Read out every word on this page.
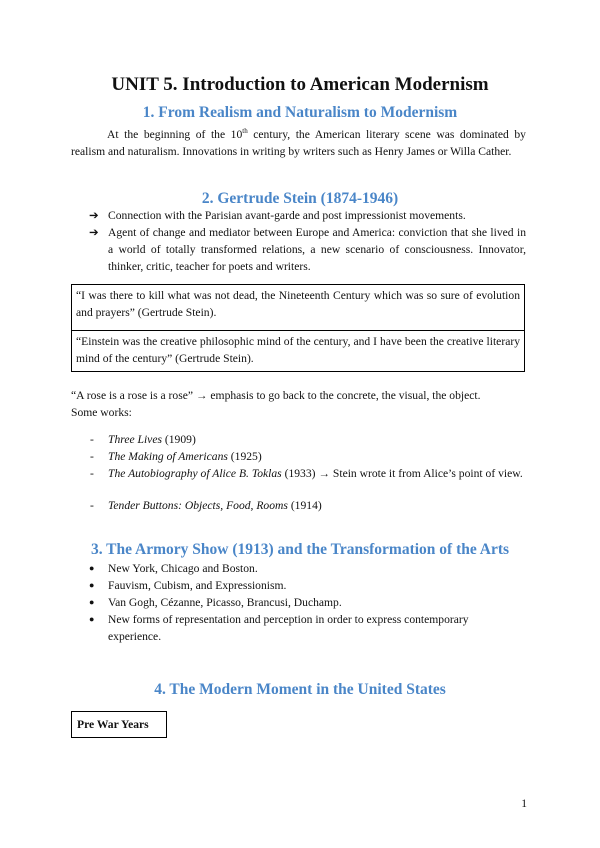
UNIT 5. Introduction to American Modernism
1. From Realism and Naturalism to Modernism
At the beginning of the 10th century, the American literary scene was dominated by realism and naturalism. Innovations in writing by writers such as Henry James or Willa Cather.
2. Gertrude Stein (1874-1946)
➔ Connection with the Parisian avant-garde and post impressionist movements.
➔ Agent of change and mediator between Europe and America: conviction that she lived in a world of totally transformed relations, a new scenario of consciousness. Innovator, thinker, critic, teacher for poets and writers.
“I was there to kill what was not dead, the Nineteenth Century which was so sure of evolution and prayers” (Gertrude Stein).
“Einstein was the creative philosophic mind of the century, and I have been the creative literary mind of the century” (Gertrude Stein).
“A rose is a rose is a rose” → emphasis to go back to the concrete, the visual, the object.
Some works:
- Three Lives (1909)
- The Making of Americans (1925)
- The Autobiography of Alice B. Toklas (1933) → Stein wrote it from Alice’s point of view.
- Tender Buttons: Objects, Food, Rooms (1914)
3. The Armory Show (1913) and the Transformation of the Arts
● New York, Chicago and Boston.
● Fauvism, Cubism, and Expressionism.
● Van Gogh, Cézanne, Picasso, Brancusi, Duchamp.
● New forms of representation and perception in order to express contemporary experience.
4. The Modern Moment in the United States
Pre War Years
1
